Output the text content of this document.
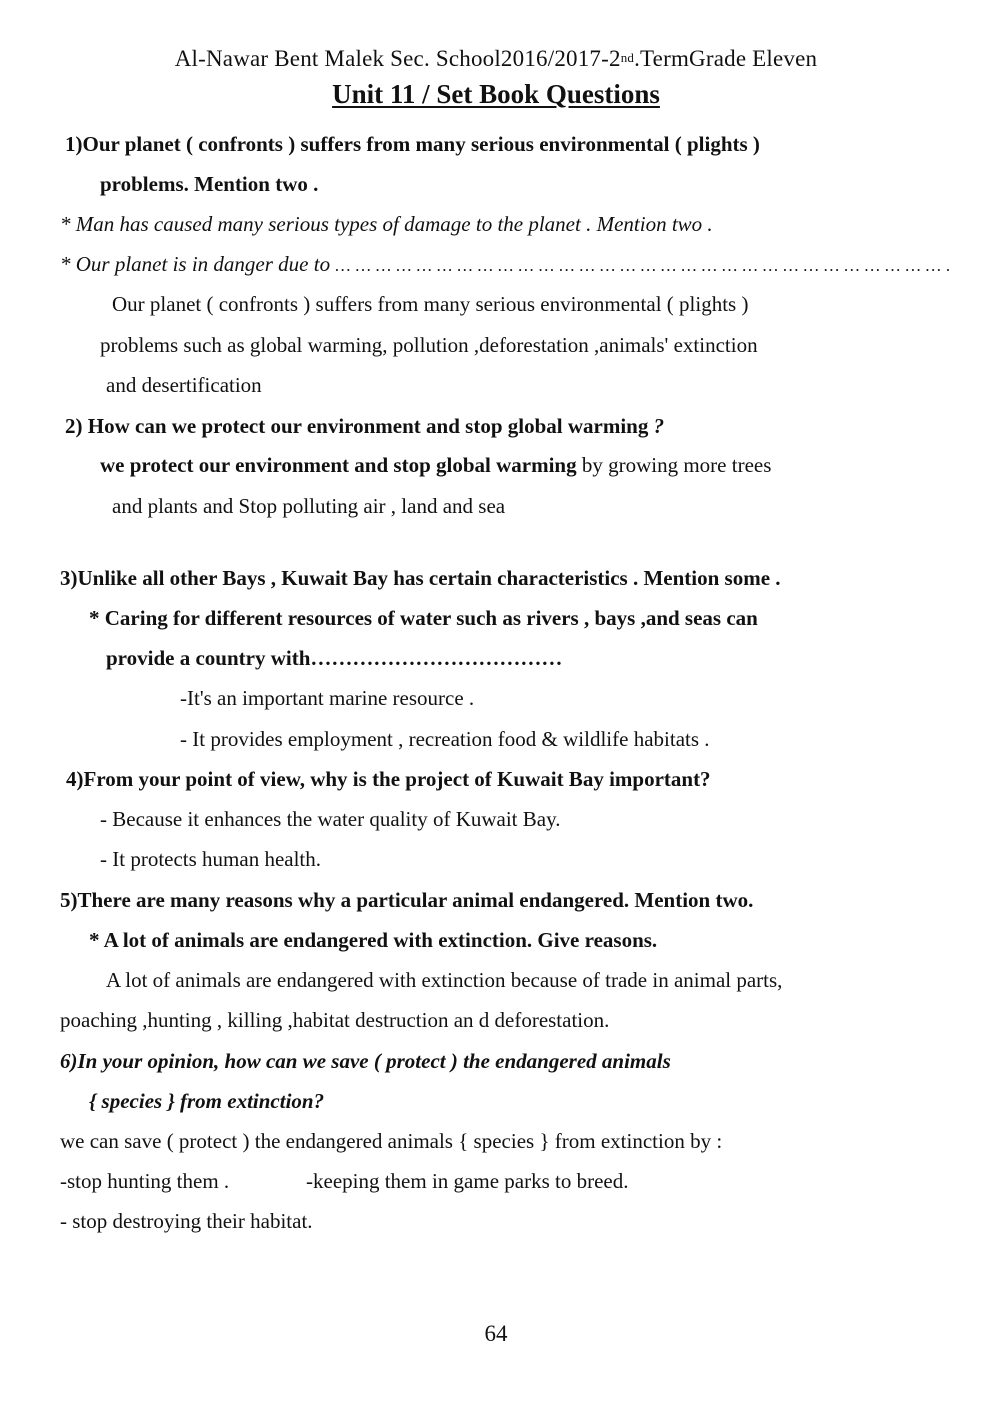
Al-Nawar Bent Malek Sec. School2016/2017-2nd.TermGrade Eleven
Unit 11 / Set Book Questions
1)Our planet ( confronts ) suffers from many serious environmental ( plights )
problems. Mention two .
* Man has caused many serious types of damage to the planet . Mention two .
* Our planet is in danger due to … … … … … … … … … … … … … … … … … … … … … … … … … … … … … … .
Our planet ( confronts ) suffers from many serious environmental ( plights )
problems such as global warming, pollution ,deforestation ,animals' extinction
and desertification
2) How can we protect our environment and stop global warming ?
we protect our environment and stop global warming by growing more trees
and plants and Stop polluting air , land and sea
3)Unlike all other Bays , Kuwait Bay has certain characteristics . Mention some .
* Caring for different resources of water such as rivers , bays ,and seas can
provide a country with………………………………
-It's an important marine resource .
- It provides employment , recreation food & wildlife habitats .
4)From your point of view, why is the project of Kuwait Bay important?
- Because it enhances the water quality of Kuwait Bay.
- It protects human health.
5)There are many reasons why a particular animal endangered. Mention two.
* A lot of animals are endangered with extinction. Give reasons.
A lot of animals are endangered with extinction because of trade in animal parts,
poaching ,hunting , killing ,habitat destruction an d deforestation.
6)In your opinion, how can we save ( protect ) the endangered animals
{ species } from extinction?
we can save ( protect ) the endangered animals { species } from extinction by :
-stop hunting them .	-keeping them in game parks to breed.
- stop destroying their habitat.
64
